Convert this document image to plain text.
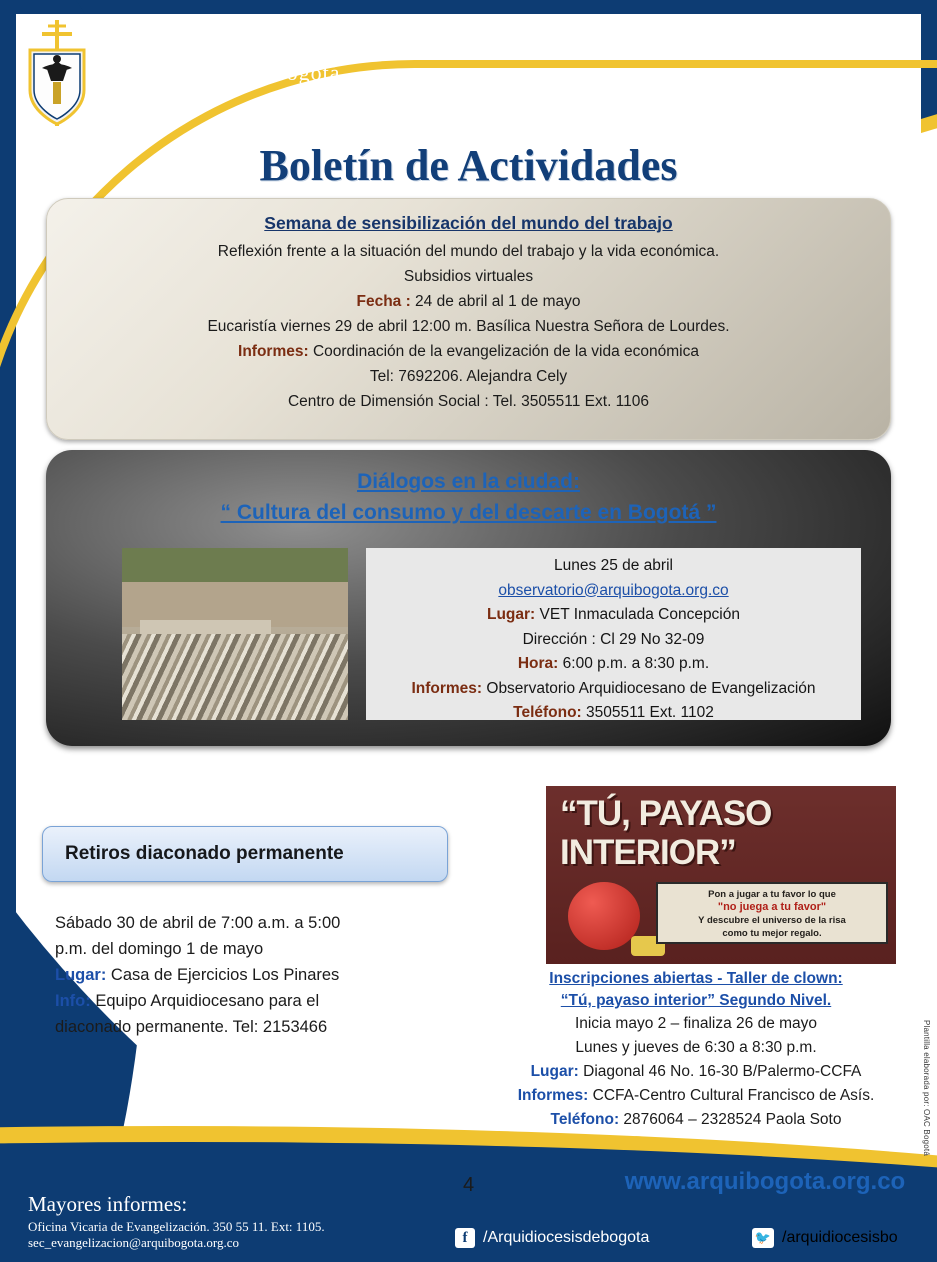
Arquidiócesis de Bogotá
Boletín de Actividades
Semana de sensibilización del mundo del trabajo
Reflexión frente a la situación del mundo del trabajo y la vida económica.
Subsidios virtuales
Fecha : 24 de abril al 1 de mayo
Eucaristía viernes 29 de abril 12:00 m. Basílica Nuestra Señora de Lourdes.
Informes: Coordinación de la evangelización de la vida económica
Tel: 7692206. Alejandra Cely
Centro de Dimensión Social : Tel. 3505511 Ext. 1106
Diálogos en la ciudad:
“ Cultura del consumo y del descarte en Bogotá ”
Lunes 25 de abril
observatorio@arquibogota.org.co
Lugar: VET Inmaculada Concepción
Dirección : Cl 29 No 32-09
Hora: 6:00 p.m. a 8:30 p.m.
Informes: Observatorio Arquidiocesano de Evangelización
Teléfono: 3505511 Ext. 1102
Retiros diaconado permanente
Sábado 30 de abril de 7:00 a.m. a 5:00
p.m. del domingo 1 de mayo
Lugar: Casa de Ejercicios Los Pinares
Info: Equipo Arquidiocesano para el
diaconado permanente. Tel: 2153466
“TÚ, PAYASO
INTERIOR”
Pon a jugar a tu favor lo que
"no juega a tu favor"
Y descubre el universo de la risa
como tu mejor regalo.
Inscripciones abiertas - Taller de clown:
“Tú, payaso interior” Segundo Nivel.
Inicia mayo 2 – finaliza 26 de mayo
Lunes y jueves de 6:30 a 8:30 p.m.
Lugar: Diagonal 46 No. 16-30 B/Palermo-CCFA
Informes: CCFA-Centro Cultural Francisco de Asís.
Teléfono: 2876064 – 2328524 Paola Soto	Plantilla elaborada por: OAC Bogotá
4	www.arquibogota.org.co
Mayores informes:
Oficina Vicaria de Evangelización. 350 55 11. Ext: 1105.
sec_evangelizacion@arquibogota.org.co	f /Arquidiocesisdebogota	🐦 /arquidiocesisbo
